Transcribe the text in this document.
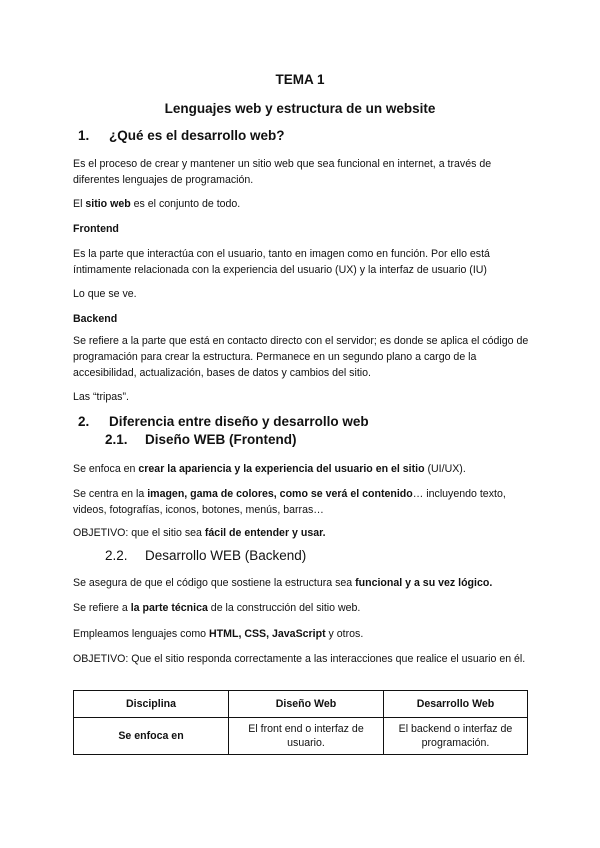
TEMA 1
Lenguajes web y estructura de un website
1. ¿Qué es el desarrollo web?

Es el proceso de crear y mantener un sitio web que sea funcional en internet, a través de diferentes lenguajes de programación.

El sitio web es el conjunto de todo.

Frontend

Es la parte que interactúa con el usuario, tanto en imagen como en función. Por ello está íntimamente relacionada con la experiencia del usuario (UX) y la interfaz de usuario (IU)

Lo que se ve.

Backend

Se refiere a la parte que está en contacto directo con el servidor; es donde se aplica el código de programación para crear la estructura. Permanece en un segundo plano a cargo de la accesibilidad, actualización, bases de datos y cambios del sitio.

Las “tripas”.

2. Diferencia entre diseño y desarrollo web
2.1. Diseño WEB (Frontend)

Se enfoca en crear la apariencia y la experiencia del usuario en el sitio (UI/UX).

Se centra en la imagen, gama de colores, como se verá el contenido… incluyendo texto, videos, fotografías, iconos, botones, menús, barras…

OBJETIVO: que el sitio sea fácil de entender y usar.

2.2. Desarrollo WEB (Backend)

Se asegura de que el código que sostiene la estructura sea funcional y a su vez lógico.

Se refiere a la parte técnica de la construcción del sitio web.

Empleamos lenguajes como HTML, CSS, JavaScript y otros.

OBJETIVO: Que el sitio responda correctamente a las interacciones que realice el usuario en él.

Disciplina	Diseño Web	Desarrollo Web
Se enfoca en	El front end o interfaz de usuario.	El backend o interfaz de programación.
